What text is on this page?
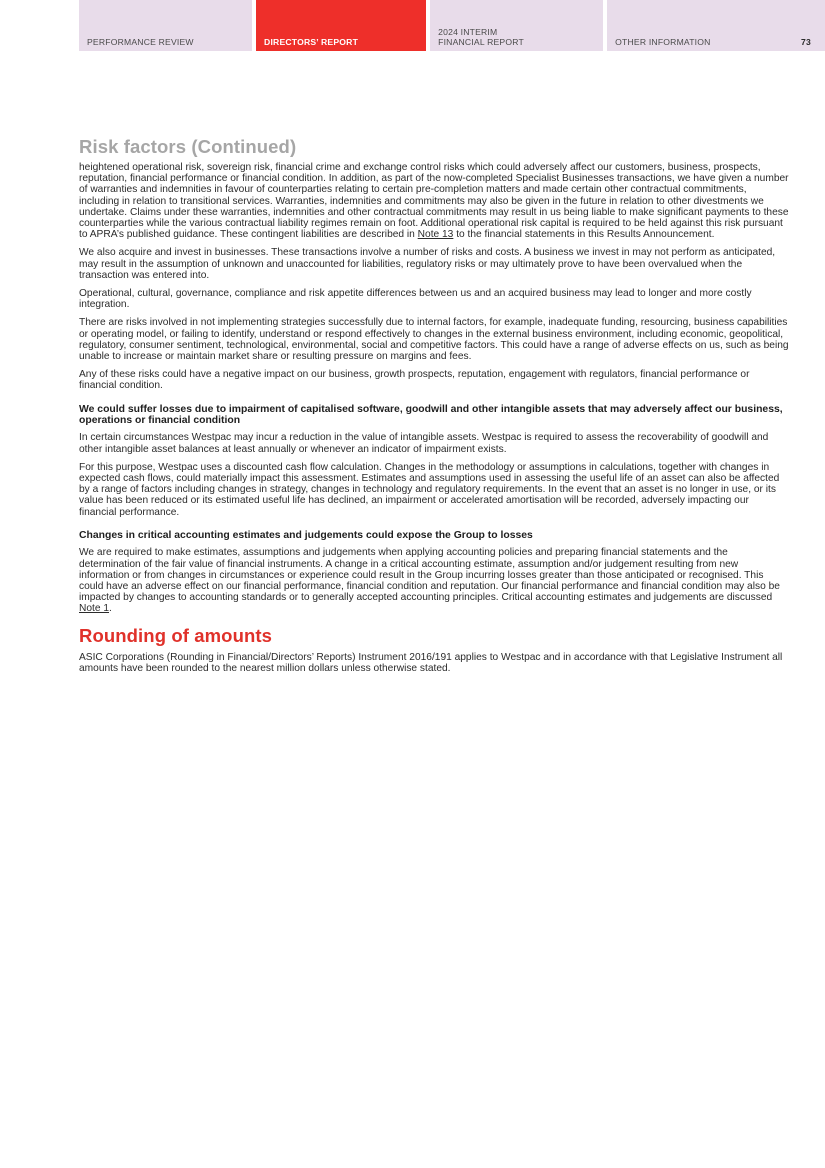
PERFORMANCE REVIEW	DIRECTORS’ REPORT
2024 INTERIM
FINANCIAL REPORT	OTHER INFORMATION	73
Risk factors (Continued)

heightened operational risk, sovereign risk, financial crime and exchange control risks which could adversely affect our customers, business, prospects, reputation, financial performance or financial condition. In addition, as part of the now-completed Specialist Businesses transactions, we have given a number of warranties and indemnities in favour of counterparties relating to certain pre-completion matters and made certain other contractual commitments, including in relation to transitional services. Warranties, indemnities and commitments may also be given in the future in relation to other divestments we undertake. Claims under these warranties, indemnities and other contractual commitments may result in us being liable to make significant payments to these counterparties while the various contractual liability regimes remain on foot. Additional operational risk capital is required to be held against this risk pursuant to APRA’s published guidance. These contingent liabilities are described in Note 13 to the financial statements in this Results Announcement.

We also acquire and invest in businesses. These transactions involve a number of risks and costs. A business we invest in may not perform as anticipated, may result in the assumption of unknown and unaccounted for liabilities, regulatory risks or may ultimately prove to have been overvalued when the transaction was entered into.

Operational, cultural, governance, compliance and risk appetite differences between us and an acquired business may lead to longer and more costly integration.

There are risks involved in not implementing strategies successfully due to internal factors, for example, inadequate funding, resourcing, business capabilities or operating model, or failing to identify, understand or respond effectively to changes in the external business environment, including economic, geopolitical, regulatory, consumer sentiment, technological, environmental, social and competitive factors. This could have a range of adverse effects on us, such as being unable to increase or maintain market share or resulting pressure on margins and fees.

Any of these risks could have a negative impact on our business, growth prospects, reputation, engagement with regulators, financial performance or financial condition.

We could suffer losses due to impairment of capitalised software, goodwill and other intangible assets that may adversely affect our business, operations or financial condition

In certain circumstances Westpac may incur a reduction in the value of intangible assets. Westpac is required to assess the recoverability of goodwill and other intangible asset balances at least annually or whenever an indicator of impairment exists.

For this purpose, Westpac uses a discounted cash flow calculation. Changes in the methodology or assumptions in calculations, together with changes in expected cash flows, could materially impact this assessment. Estimates and assumptions used in assessing the useful life of an asset can also be affected by a range of factors including changes in strategy, changes in technology and regulatory requirements. In the event that an asset is no longer in use, or its value has been reduced or its estimated useful life has declined, an impairment or accelerated amortisation will be recorded, adversely impacting our financial performance.

Changes in critical accounting estimates and judgements could expose the Group to losses

We are required to make estimates, assumptions and judgements when applying accounting policies and preparing financial statements and the determination of the fair value of financial instruments. A change in a critical accounting estimate, assumption and/or judgement resulting from new information or from changes in circumstances or experience could result in the Group incurring losses greater than those anticipated or recognised. This could have an adverse effect on our financial performance, financial condition and reputation. Our financial performance and financial condition may also be impacted by changes to accounting standards or to generally accepted accounting principles. Critical accounting estimates and judgements are discussed Note 1.

Rounding of amounts

ASIC Corporations (Rounding in Financial/Directors’ Reports) Instrument 2016/191 applies to Westpac and in accordance with that Legislative Instrument all amounts have been rounded to the nearest million dollars unless otherwise stated.
